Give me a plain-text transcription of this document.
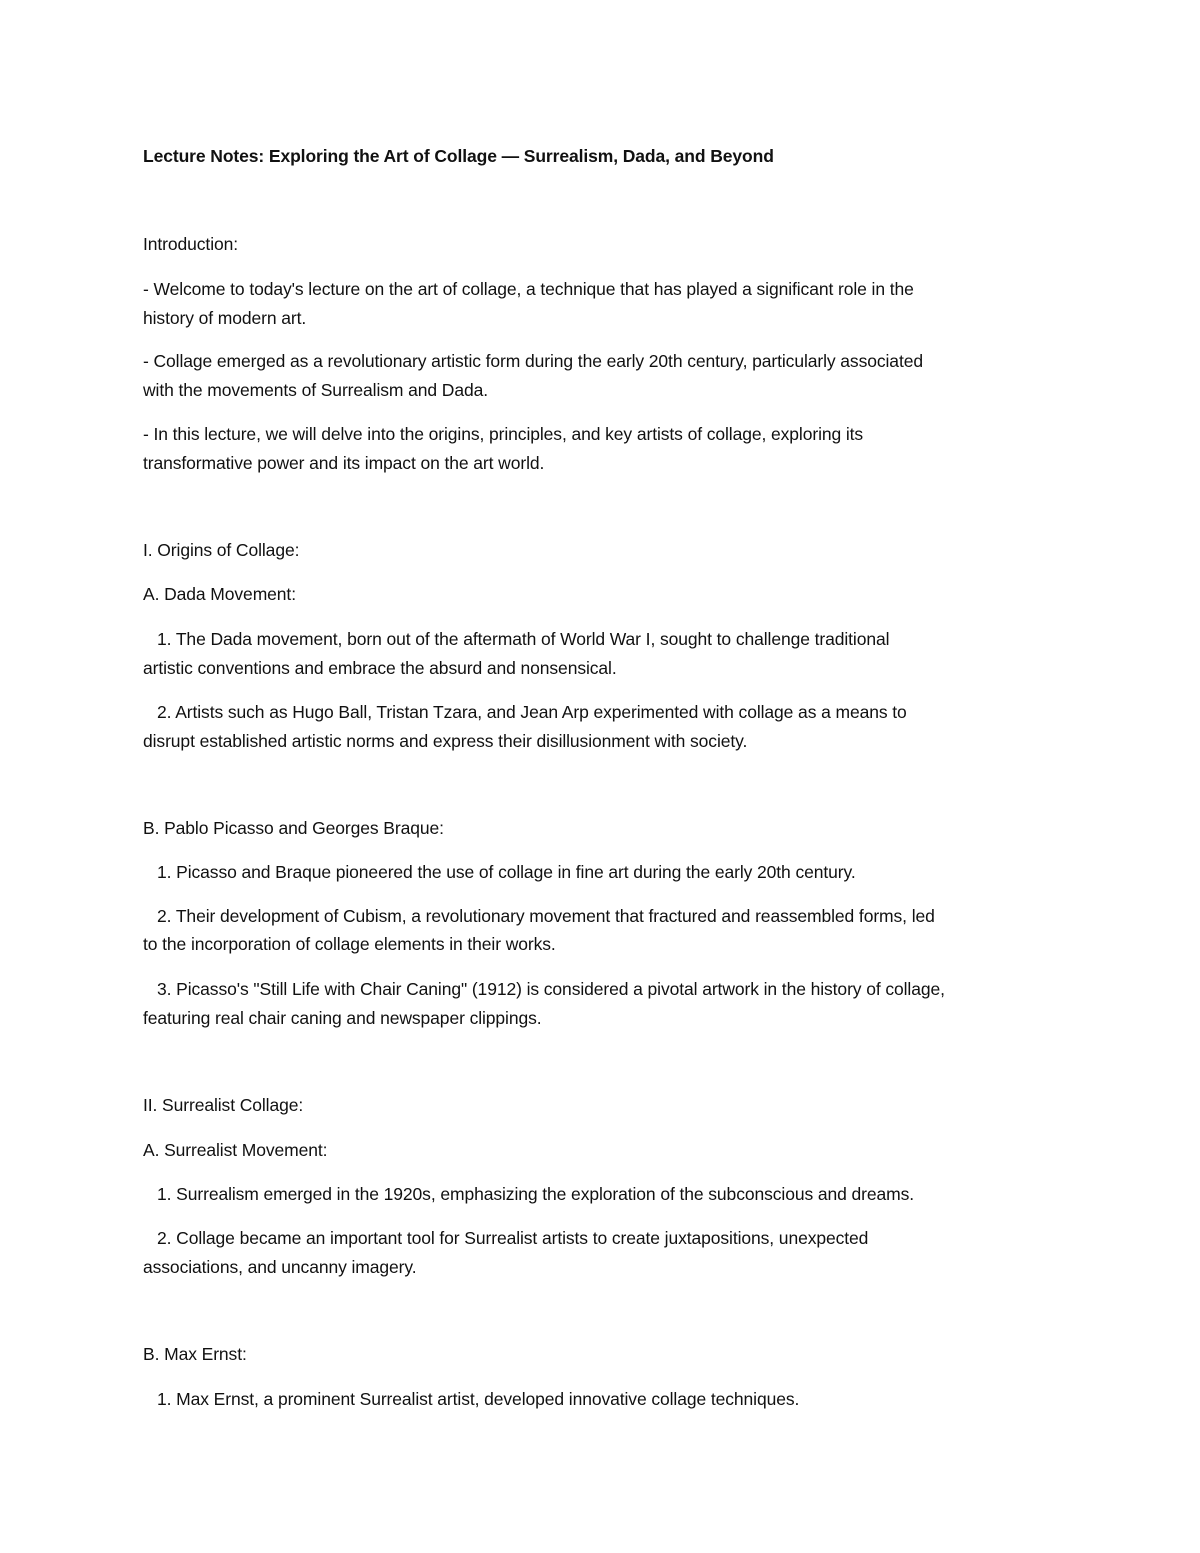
Lecture Notes: Exploring the Art of Collage — Surrealism, Dada, and Beyond
Introduction:
- Welcome to today's lecture on the art of collage, a technique that has played a significant role in the
history of modern art.
- Collage emerged as a revolutionary artistic form during the early 20th century, particularly associated
with the movements of Surrealism and Dada.
- In this lecture, we will delve into the origins, principles, and key artists of collage, exploring its
transformative power and its impact on the art world.
I. Origins of Collage:
A. Dada Movement:
1. The Dada movement, born out of the aftermath of World War I, sought to challenge traditional
artistic conventions and embrace the absurd and nonsensical.
2. Artists such as Hugo Ball, Tristan Tzara, and Jean Arp experimented with collage as a means to
disrupt established artistic norms and express their disillusionment with society.
B. Pablo Picasso and Georges Braque:
1. Picasso and Braque pioneered the use of collage in fine art during the early 20th century.
2. Their development of Cubism, a revolutionary movement that fractured and reassembled forms, led
to the incorporation of collage elements in their works.
3. Picasso's "Still Life with Chair Caning" (1912) is considered a pivotal artwork in the history of collage,
featuring real chair caning and newspaper clippings.
II. Surrealist Collage:
A. Surrealist Movement:
1. Surrealism emerged in the 1920s, emphasizing the exploration of the subconscious and dreams.
2. Collage became an important tool for Surrealist artists to create juxtapositions, unexpected
associations, and uncanny imagery.
B. Max Ernst:
1. Max Ernst, a prominent Surrealist artist, developed innovative collage techniques.
